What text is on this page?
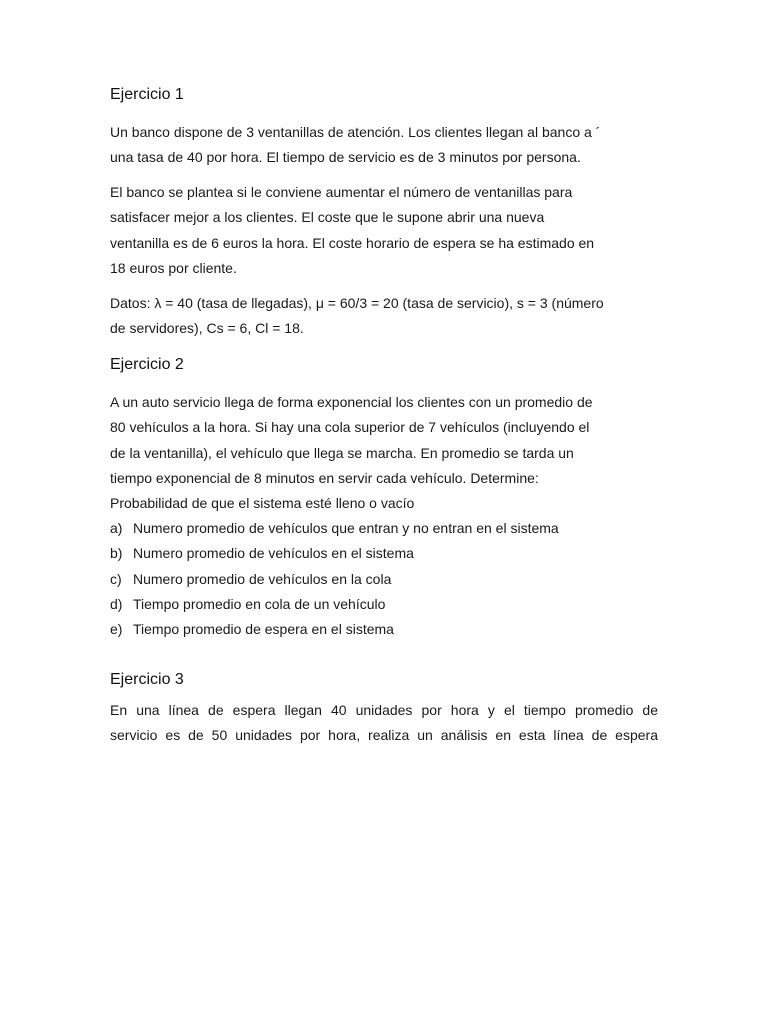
Ejercicio 1

Un banco dispone de 3 ventanillas de atención. Los clientes llegan al banco a ´
una tasa de 40 por hora. El tiempo de servicio es de 3 minutos por persona.

El banco se plantea si le conviene aumentar el número de ventanillas para
satisfacer mejor a los clientes. El coste que le supone abrir una nueva
ventanilla es de 6 euros la hora. El coste horario de espera se ha estimado en
18 euros por cliente.

Datos: λ = 40 (tasa de llegadas), μ = 60/3 = 20 (tasa de servicio), s = 3 (número
de servidores), Cs = 6, Cl = 18.

Ejercicio 2

A un auto servicio llega de forma exponencial los clientes con un promedio de
80 vehículos a la hora. Si hay una cola superior de 7 vehículos (incluyendo el
de la ventanilla), el vehículo que llega se marcha. En promedio se tarda un
tiempo exponencial de 8 minutos en servir cada vehículo. Determine:
Probabilidad de que el sistema esté lleno o vacío

a) Numero promedio de vehículos que entran y no entran en el sistema
b) Numero promedio de vehículos en el sistema
c) Numero promedio de vehículos en la cola
d) Tiempo promedio en cola de un vehículo
e) Tiempo promedio de espera en el sistema
Ejercicio 3

En una línea de espera llegan 40 unidades por hora y el tiempo promedio de
servicio es de 50 unidades por hora, realiza un análisis en esta línea de espera
